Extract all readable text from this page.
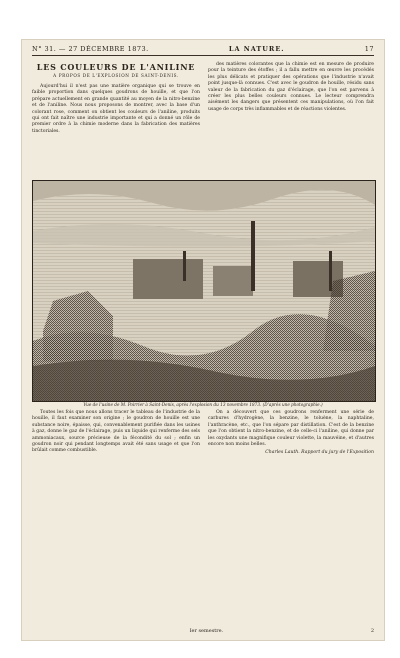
N° 31. — 27 DÉCEMBRE 1873.	LA NATURE.	17
LES COULEURS DE L'ANILINE
A PROPOS DE L'EXPLOSION DE SAINT-DENIS.
Aujourd'hui il n'est pas une matière organique qui se trouve en faible proportion dans quelques goudrons de houille, et que l'on prépare actuellement en grande quantité au moyen de la nitro-benzine et de l'aniline. Nous nous proposons de montrer, avec la base d'un colorant rose, comment on obtient les couleurs de l'aniline, produits qui ont fait naître une industrie importante et qui a donné un rôle de premier ordre à la chimie moderne dans la fabrication des matières tinctoriales.
des matières colorantes que la chimie est en mesure de produire pour la teinture des étoffes ; il a fallu mettre en œuvre les procédés les plus délicats et pratiquer des opérations que l'industrie n'avait point jusque-là connues. C'est avec le goudron de houille, résidu sans valeur de la fabrication du gaz d'éclairage, que l'on est parvenu à créer les plus belles couleurs connues. Le lecteur comprendra aisément les dangers que présentent ces manipulations, où l'on fait usage de corps très inflammables et de réactions violentes.
Vue de l'usine de M. Poirrier à Saint-Denis, après l'explosion du 13 novembre 1873. (D'après une photographie.)
Toutes les fois que nous allons tracer le tableau de l'industrie de la houille, il faut examiner son origine ; le goudron de houille est une substance noire, épaisse, qui, convenablement purifiée dans les usines à gaz, donne le gaz de l'éclairage, puis un liquide qui renferme des sels ammoniacaux, source précieuse de la fécondité du sol ; enfin un goudron noir qui pendant longtemps avait été sans usage et que l'on brûlait comme combustible.
On a découvert que ces goudrons renferment une série de carbures d'hydrogène, la benzine, le toluène, la naphtaline, l'anthracène, etc., que l'on sépare par distillation. C'est de la benzine que l'on obtient la nitro-benzine, et de celle-ci l'aniline, qui donne par les oxydants une magnifique couleur violette, la mauvéine, et d'autres encore non moins belles.
Charles Lauth. Rapport du jury de l'Exposition
Ier semestre.	2
